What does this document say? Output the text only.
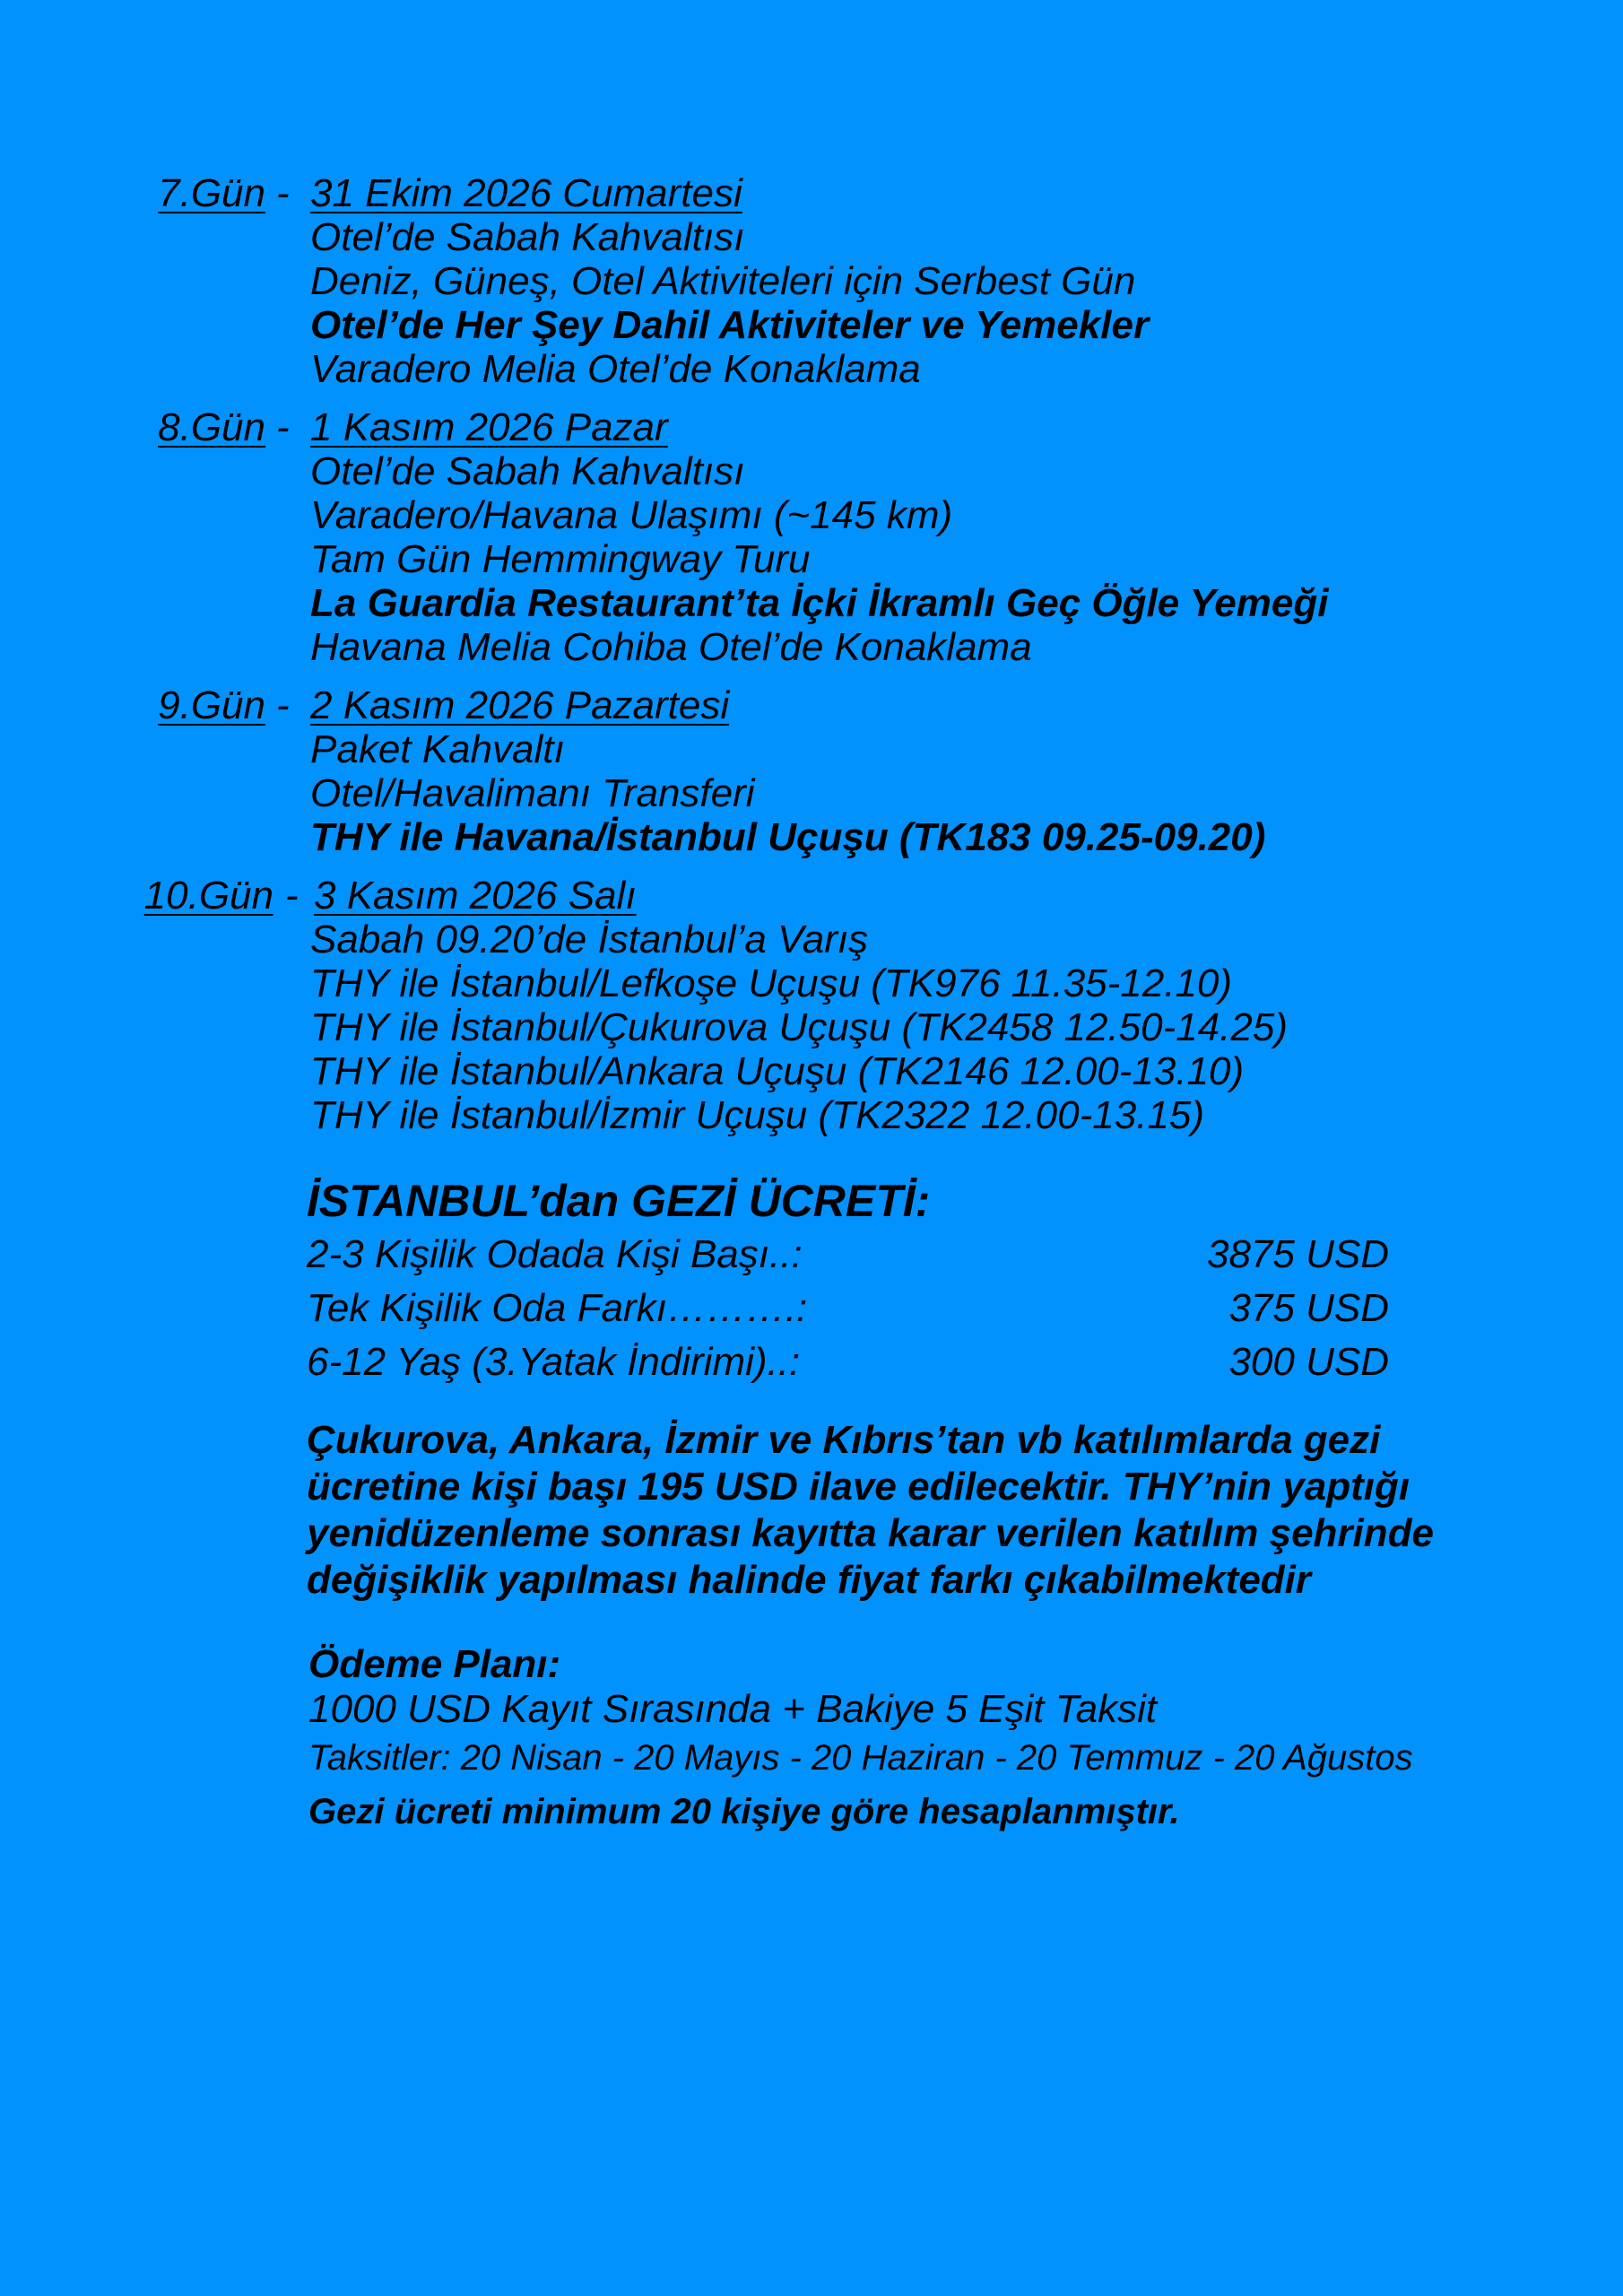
7.Gün - 31 Ekim 2026 Cumartesi
Otel’de Sabah Kahvaltısı
Deniz, Güneş, Otel Aktiviteleri için Serbest Gün
Otel’de Her Şey Dahil Aktiviteler ve Yemekler
Varadero Melia Otel’de Konaklama
8.Gün - 1 Kasım 2026 Pazar
Otel’de Sabah Kahvaltısı
Varadero/Havana Ulaşımı (~145 km)
Tam Gün Hemmingway Turu
La Guardia Restaurant’ta İçki İkramlı Geç Öğle Yemeği
Havana Melia Cohiba Otel’de Konaklama
9.Gün - 2 Kasım 2026 Pazartesi
Paket Kahvaltı
Otel/Havalimanı Transferi
THY ile Havana/İstanbul Uçuşu (TK183 09.25-09.20)
10.Gün - 3 Kasım 2026 Salı
Sabah 09.20’de İstanbul’a Varış
THY ile İstanbul/Lefkoşe Uçuşu (TK976 11.35-12.10)
THY ile İstanbul/Çukurova Uçuşu (TK2458 12.50-14.25)
THY ile İstanbul/Ankara Uçuşu (TK2146 12.00-13.10)
THY ile İstanbul/İzmir Uçuşu (TK2322 12.00-13.15)
İSTANBUL’dan GEZİ ÜCRETİ:
2-3 Kişilik Odada Kişi Başı..:	3875 USD
Tek Kişilik Oda Farkı……….:	375 USD
6-12 Yaş (3.Yatak İndirimi)..:	300 USD

Çukurova, Ankara, İzmir ve Kıbrıs’tan vb katılımlarda gezi

ücretine kişi başı 195 USD ilave edilecektir. THY’nin yaptığı

yenidüzenleme sonrası kayıtta karar verilen katılım şehrinde

değişiklik yapılması halinde fiyat farkı çıkabilmektedir

Ödeme Planı:
1000 USD Kayıt Sırasında + Bakiye 5 Eşit Taksit
Taksitler: 20 Nisan - 20 Mayıs - 20 Haziran - 20 Temmuz - 20 Ağustos
Gezi ücreti minimum 20 kişiye göre hesaplanmıştır.
